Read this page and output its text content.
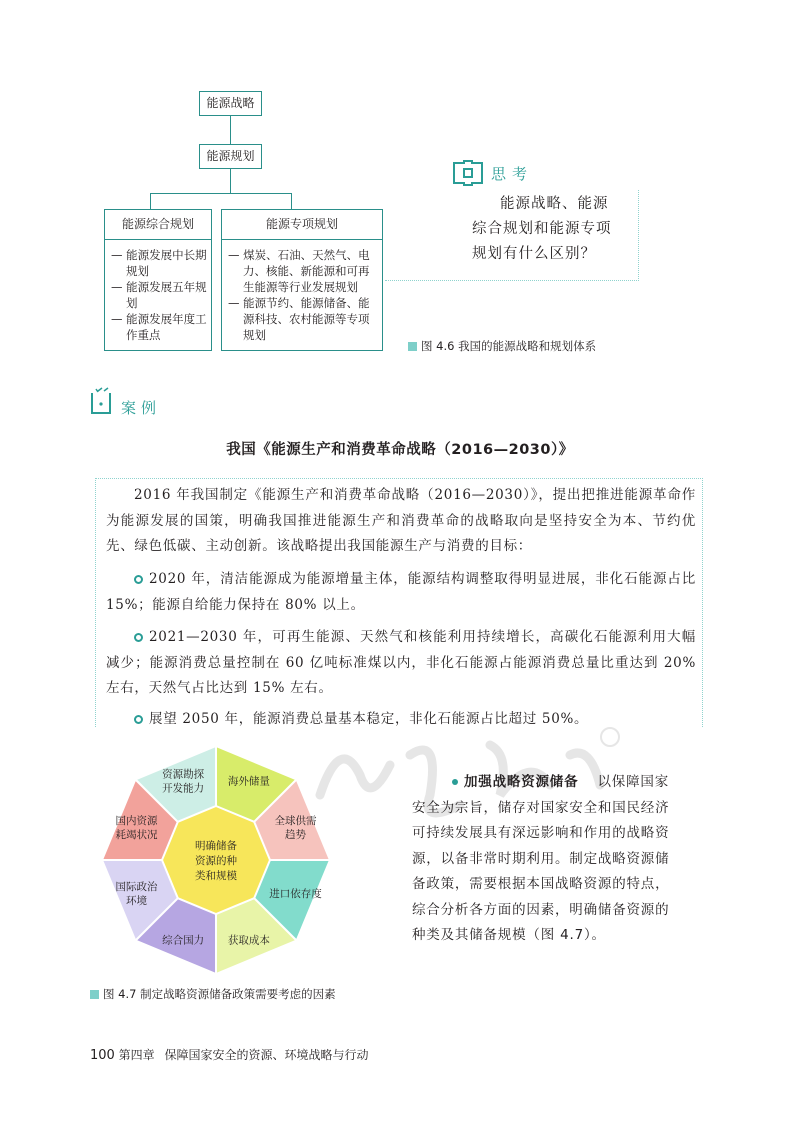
能源战略
能源规划
能源综合规划
— 能源发展中长期规划
— 能源发展五年规划
— 能源发展年度工作重点
能源专项规划
— 煤炭、石油、天然气、电力、核能、新能源和可再生能源等行业发展规划
— 能源节约、能源储备、能源科技、农村能源等专项规划
图 4.6 我国的能源战略和规划体系
思考
能源战略、能源
综合规划和能源专项
规划有什么区别？
案例
我国《能源生产和消费革命战略（2016—2030）》
2016 年我国制定《能源生产和消费革命战略（2016—2030）》，提出把推进能源革命作为能源发展的国策，明确我国推进能源生产和消费革命的战略取向是坚持安全为本、节约优先、绿色低碳、主动创新。该战略提出我国能源生产与消费的目标：
2020 年，清洁能源成为能源增量主体，能源结构调整取得明显进展，非化石能源占比 15%；能源自给能力保持在 80% 以上。
2021—2030 年，可再生能源、天然气和核能利用持续增长，高碳化石能源利用大幅减少；能源消费总量控制在 60 亿吨标准煤以内，非化石能源占能源消费总量比重达到 20% 左右，天然气占比达到 15% 左右。
展望 2050 年，能源消费总量基本稳定，非化石能源占比超过 50%。
海外储量
全球供需
趋势
进口依存度
获取成本
综合国力
国际政治
环境
国内资源
耗竭状况
资源勘探
开发能力
明确储备
资源的种
类和规模
图 4.7 制定战略资源储备政策需要考虑的因素
加强战略资源储备 以保障国家
安全为宗旨，储存对国家安全和国民经济
可持续发展具有深远影响和作用的战略资
源，以备非常时期利用。制定战略资源储
备政策，需要根据本国战略资源的特点，
综合分析各方面的因素，明确储备资源的
种类及其储备规模（图 4.7）。
100 第四章 保障国家安全的资源、环境战略与行动
